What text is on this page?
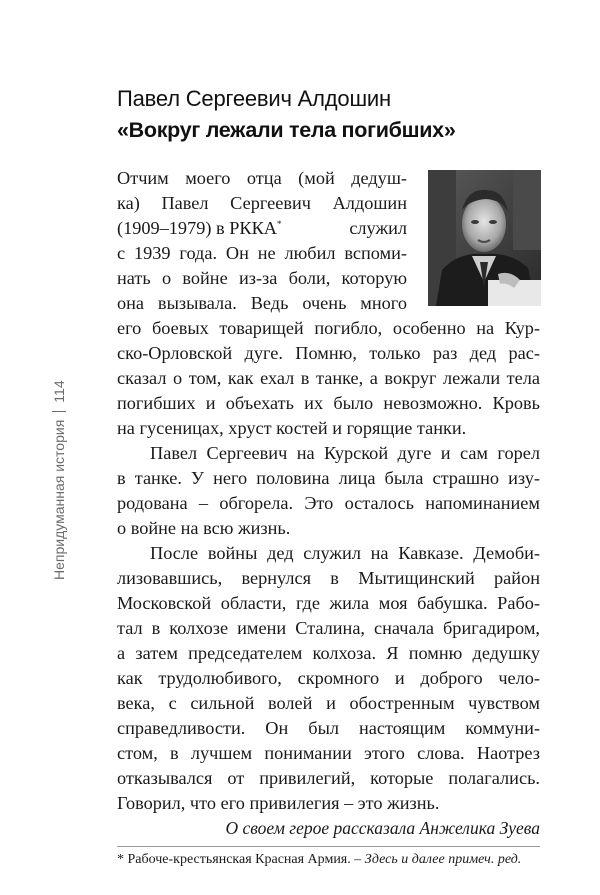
Непридуманная история
114
Павел Сергеевич Алдошин
«Вокруг лежали тела погибших»
Отчим моего отца (мой дедуш-
ка) Павел Сергеевич Алдошин
(1909–1979) в РККА*	служил
с 1939 года. Он не любил вспоми-
нать о войне из-за боли, которую
она вызывала. Ведь очень много
его боевых товарищей погибло, особенно на Кур-
ско-Орловской дуге. Помню, только раз дед рас-
сказал о том, как ехал в танке, а вокруг лежали тела
погибших и объехать их было невозможно. Кровь
на гусеницах, хруст костей и горящие танки.
Павел Сергеевич на Курской дуге и сам горел
в танке. У него половина лица была страшно изу-
родована – обгорела. Это осталось напоминанием
о войне на всю жизнь.
После войны дед служил на Кавказе. Демоби-
лизовавшись, вернулся в Мытищинский район
Московской области, где жила моя бабушка. Рабо-
тал в колхозе имени Сталина, сначала бригадиром,
а затем председателем колхоза. Я помню дедушку
как трудолюбивого, скромного и доброго чело-
века, с сильной волей и обостренным чувством
справедливости. Он был настоящим коммуни-
стом, в лучшем понимании этого слова. Наотрез
отказывался от привилегий, которые полагались.
Говорил, что его привилегия – это жизнь.
О своем герое рассказала Анжелика Зуева
* Рабоче-крестьянская Красная Армия. – Здесь и далее примеч. ред.
